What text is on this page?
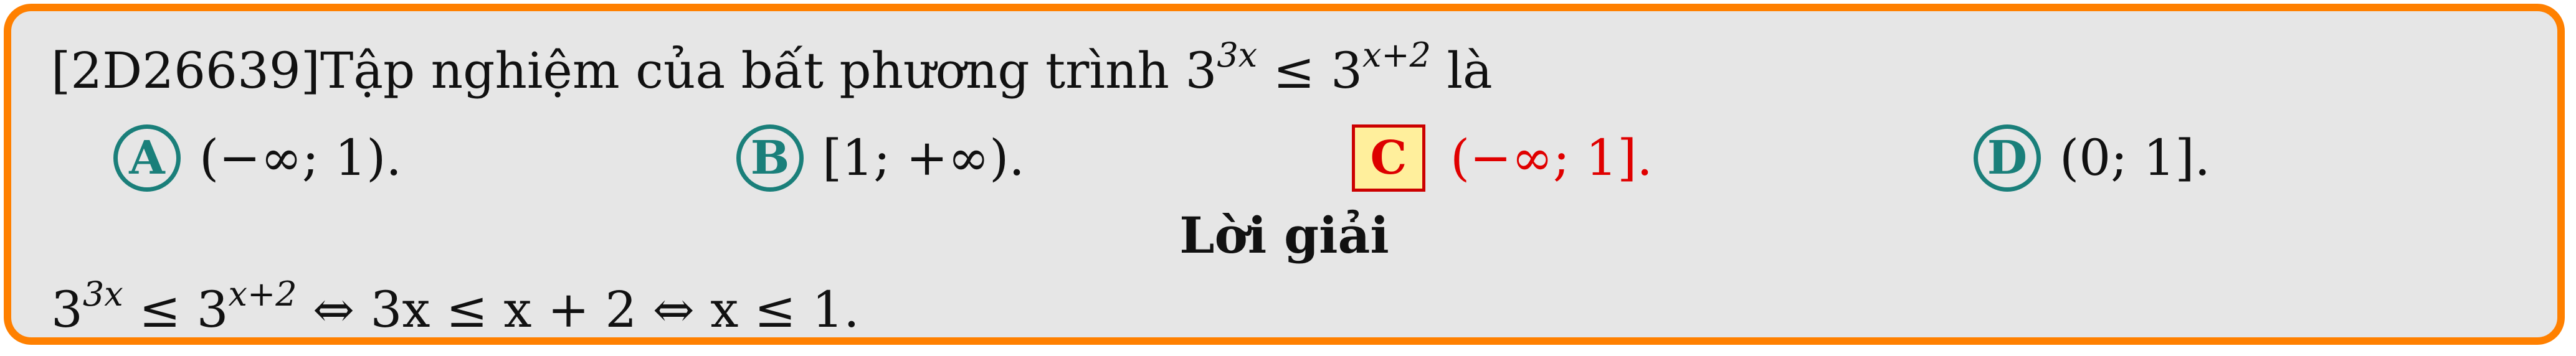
[2D26639]Tập nghiệm của bất phương trình $3^{3x} \le 3^{x+2}$ là
A (−∞; 1).	B [1; +∞).	C (−∞; 1].	D (0; 1].
Lời giải
$3^{3x} \le 3^{x+2}$ ⇔ 3x ≤ x + 2 ⇔ x ≤ 1.
